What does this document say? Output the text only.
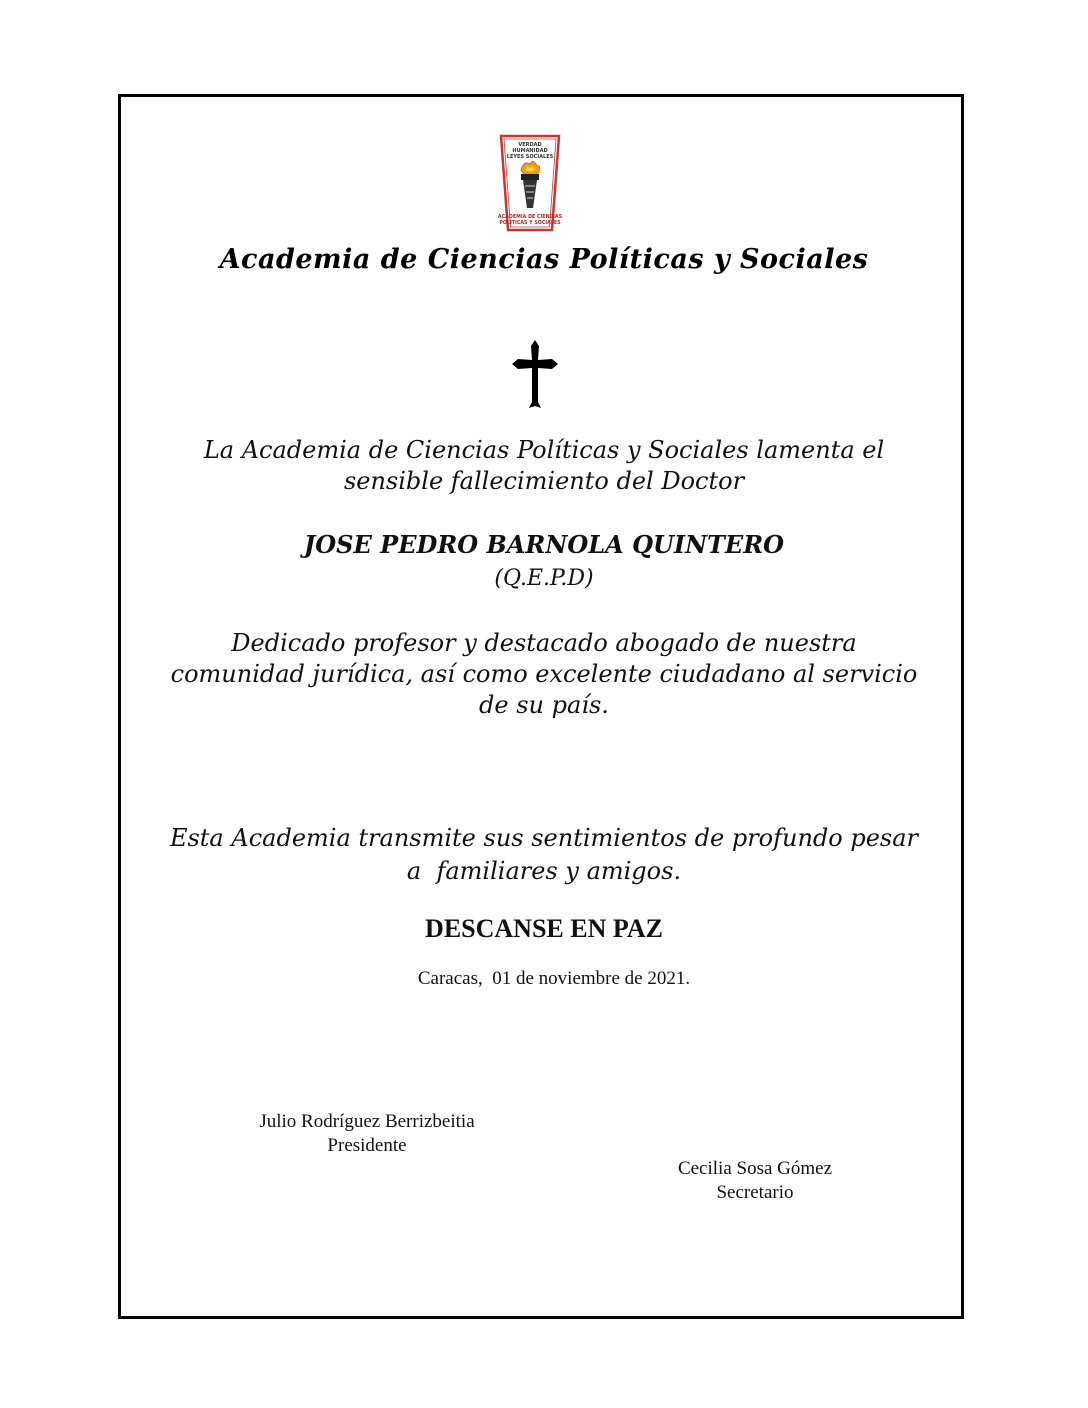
VERDAD
HUMANIDAD
LEYES SOCIALES
ACADEMIA DE CIENCIAS
POLITICAS Y SOCIALES
Academia de Ciencias Políticas y Sociales
La Academia de Ciencias Políticas y Sociales lamenta el
sensible fallecimiento del Doctor
JOSE PEDRO BARNOLA QUINTERO
(Q.E.P.D)
Dedicado profesor y destacado abogado de nuestra
comunidad jurídica, así como excelente ciudadano al servicio
de su país.
Esta Academia transmite sus sentimientos de profundo pesar
a  familiares y amigos.
DESCANSE EN PAZ
Caracas,  01 de noviembre de 2021.
Julio Rodríguez Berrizbeitia
Presidente
Cecilia Sosa Gómez
Secretario
